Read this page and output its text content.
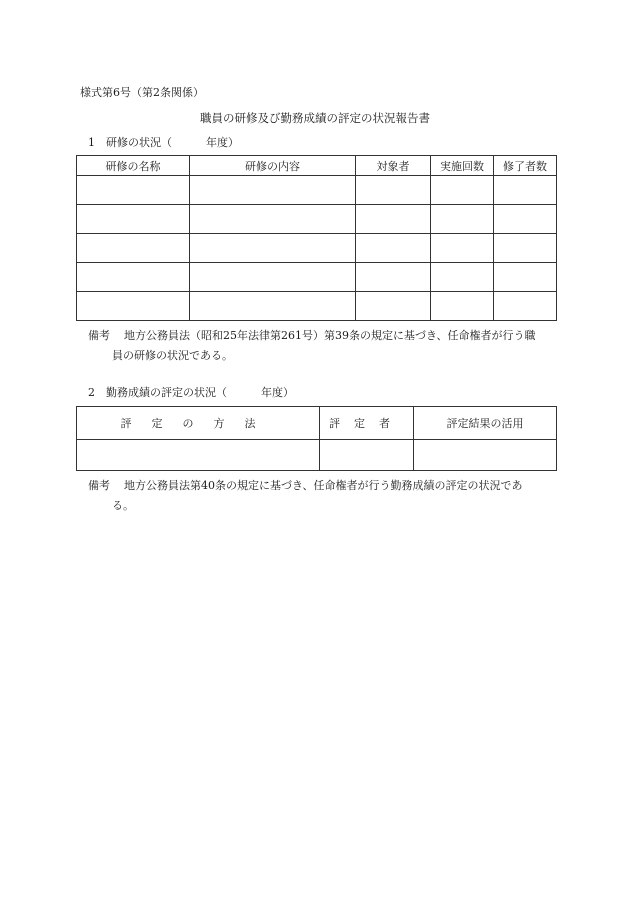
様式第6号（第2条関係）
職員の研修及び勤務成績の評定の状況報告書
1 研修の状況（	年度）
研修の名称	研修の内容	対象者	実施回数	修了者数

備考 地方公務員法（昭和25年法律第261号）第39条の規定に基づき、任命権者が行う職
員の研修の状況である。
2 勤務成績の評定の状況（	年度）
評定の方法	評定者	評定結果の活用

備考 地方公務員法第40条の規定に基づき、任命権者が行う勤務成績の評定の状況であ
る。
